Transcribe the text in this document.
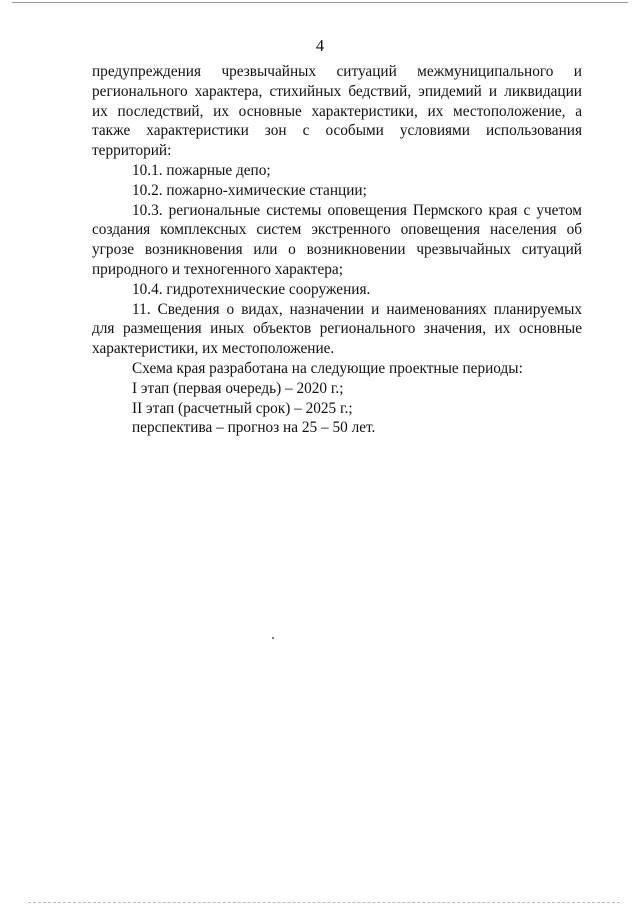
4

предупреждения чрезвычайных ситуаций межмуниципального и регионального характера, стихийных бедствий, эпидемий и ликвидации их последствий, их основные характеристики, их местоположение, а также характеристики зон с особыми условиями использования территорий:

10.1. пожарные депо;

10.2. пожарно-химические станции;

10.3. региональные системы оповещения Пермского края с учетом создания комплексных систем экстренного оповещения населения об угрозе возникновения или о возникновении чрезвычайных ситуаций природного и техногенного характера;

10.4. гидротехнические сооружения.

11. Сведения о видах, назначении и наименованиях планируемых для размещения иных объектов регионального значения, их основные характеристики, их местоположение.

Схема края разработана на следующие проектные периоды:

I этап (первая очередь) – 2020 г.;

II этап (расчетный срок) – 2025 г.;

перспектива – прогноз на 25 – 50 лет.
